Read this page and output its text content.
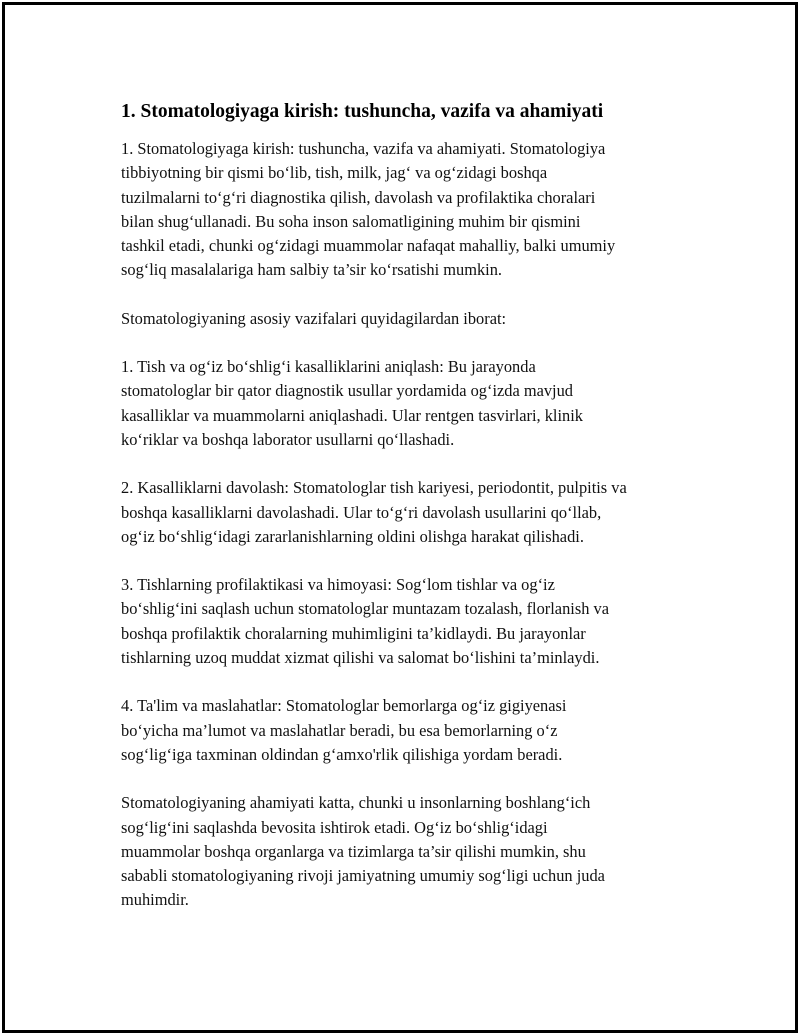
1. Stomatologiyaga kirish: tushuncha, vazifa va ahamiyati

1. Stomatologiyaga kirish: tushuncha, vazifa va ahamiyati. Stomatologiya
tibbiyotning bir qismi bo‘lib, tish, milk, jag‘ va og‘zidagi boshqa
tuzilmalarni to‘g‘ri diagnostika qilish, davolash va profilaktika choralari
bilan shug‘ullanadi. Bu soha inson salomatligining muhim bir qismini
tashkil etadi, chunki og‘zidagi muammolar nafaqat mahalliy, balki umumiy
sog‘liq masalalariga ham salbiy ta’sir ko‘rsatishi mumkin.

Stomatologiyaning asosiy vazifalari quyidagilardan iborat:

1. Tish va og‘iz bo‘shlig‘i kasalliklarini aniqlash: Bu jarayonda
stomatologlar bir qator diagnostik usullar yordamida og‘izda mavjud
kasalliklar va muammolarni aniqlashadi. Ular rentgen tasvirlari, klinik
ko‘riklar va boshqa laborator usullarni qo‘llashadi.

2. Kasalliklarni davolash: Stomatologlar tish kariyesi, periodontit, pulpitis va
boshqa kasalliklarni davolashadi. Ular to‘g‘ri davolash usullarini qo‘llab,
og‘iz bo‘shlig‘idagi zararlanishlarning oldini olishga harakat qilishadi.

3. Tishlarning profilaktikasi va himoyasi: Sog‘lom tishlar va og‘iz
bo‘shlig‘ini saqlash uchun stomatologlar muntazam tozalash, florlanish va
boshqa profilaktik choralarning muhimligini ta’kidlaydi. Bu jarayonlar
tishlarning uzoq muddat xizmat qilishi va salomat bo‘lishini ta’minlaydi.

4. Ta'lim va maslahatlar: Stomatologlar bemorlarga og‘iz gigiyenasi
bo‘yicha ma’lumot va maslahatlar beradi, bu esa bemorlarning o‘z
sog‘lig‘iga taxminan oldindan g‘amxo'rlik qilishiga yordam beradi.

Stomatologiyaning ahamiyati katta, chunki u insonlarning boshlang‘ich
sog‘lig‘ini saqlashda bevosita ishtirok etadi. Og‘iz bo‘shlig‘idagi
muammolar boshqa organlarga va tizimlarga ta’sir qilishi mumkin, shu
sababli stomatologiyaning rivoji jamiyatning umumiy sog‘ligi uchun juda
muhimdir.
